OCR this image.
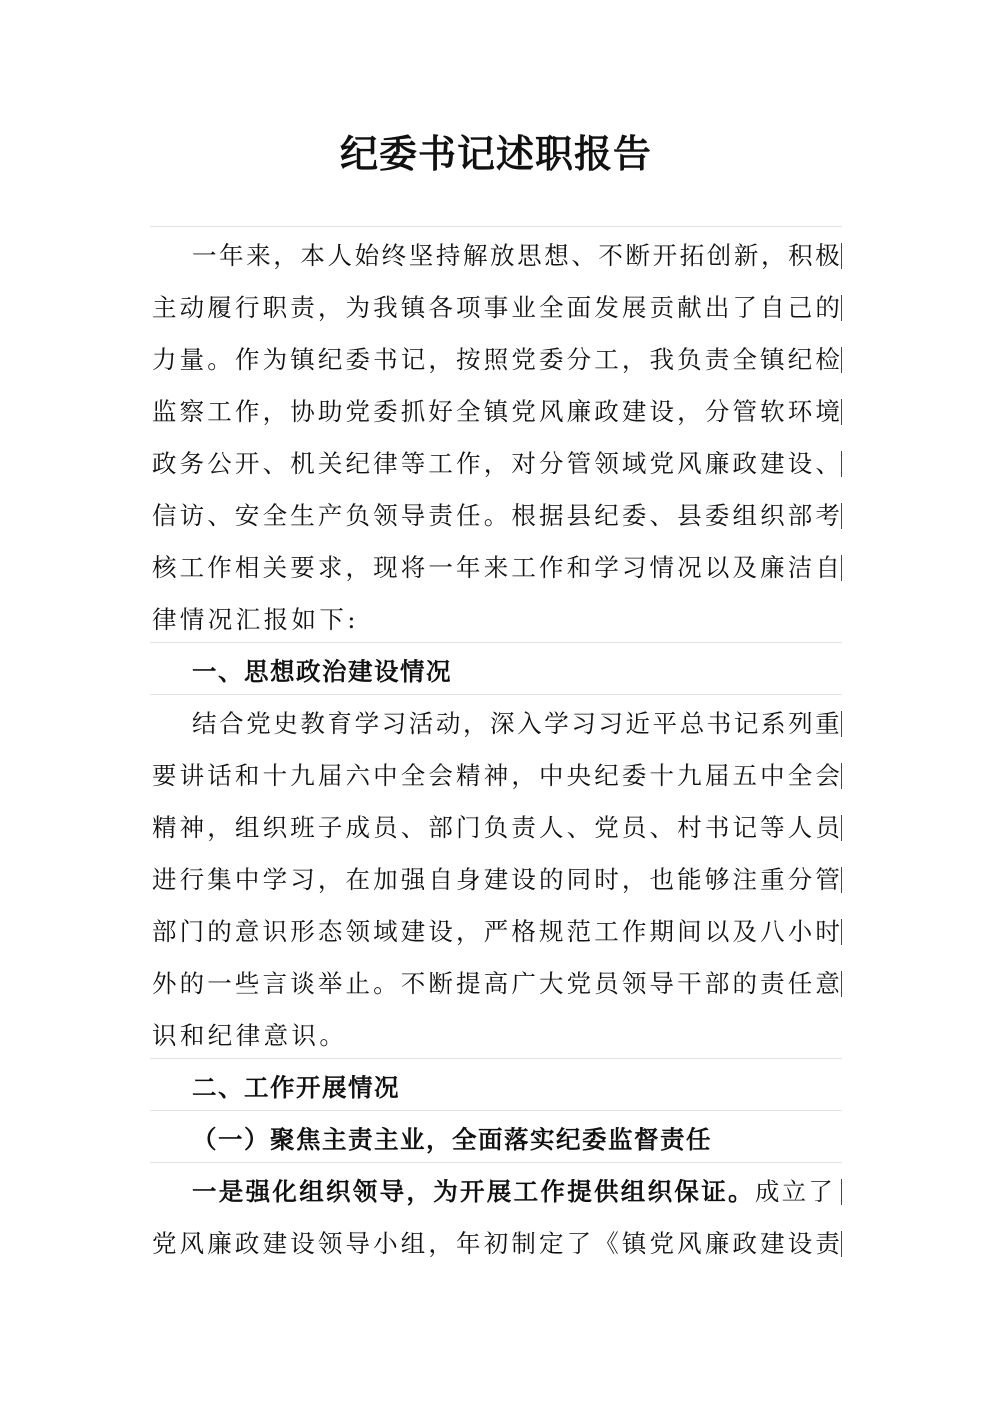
纪委书记述职报告
一 年 来 ， 本 人 始 终 坚 持 解 放 思 想 、 不 断 开 拓 创 新 ， 积 极
主 动 履 行 职 责 ， 为 我 镇 各 项 事 业 全 面 发 展 贡 献 出 了 自 己 的
力 量 。 作 为 镇 纪 委 书 记 ， 按 照 党 委 分 工 ， 我 负 责 全 镇 纪 检
监 察 工 作 ， 协 助 党 委 抓 好 全 镇 党 风 廉 政 建 设 ， 分 管 软 环 境
政 务 公 开 、 机 关 纪 律 等 工 作 ， 对 分 管 领 域 党 风 廉 政 建 设 、
信 访 、 安 全 生 产 负 领 导 责 任 。 根 据 县 纪 委 、 县 委 组 织 部 考
核 工 作 相 关 要 求 ， 现 将 一 年 来 工 作 和 学 习 情 况 以 及 廉 洁 自
律情况汇报如下:
一、思想政治建设情况
结 合 党 史 教 育 学 习 活 动 ， 深 入 学 习 习 近 平 总 书 记 系 列 重
要 讲 话 和 十 九 届 六 中 全 会 精 神 ， 中 央 纪 委 十 九 届 五 中 全 会
精 神 ， 组 织 班 子 成 员 、 部 门 负 责 人 、 党 员 、 村 书 记 等 人 员
进 行 集 中 学 习 ， 在 加 强 自 身 建 设 的 同 时 ， 也 能 够 注 重 分 管
部 门 的 意 识 形 态 领 域 建 设 ， 严 格 规 范 工 作 期 间 以 及 八 小 时
外 的 一 些 言 谈 举 止 。 不 断 提 高 广 大 党 员 领 导 干 部 的 责 任 意
识和纪律意识。
二、工作开展情况
（一）聚焦主责主业，全面落实纪委监督责任
一是强化组织领导，为开展工作提供组织保证。 成立了
党 风 廉 政 建 设 领 导 小 组 ， 年 初 制 定 了 《 镇 党 风 廉 政 建 设 责
